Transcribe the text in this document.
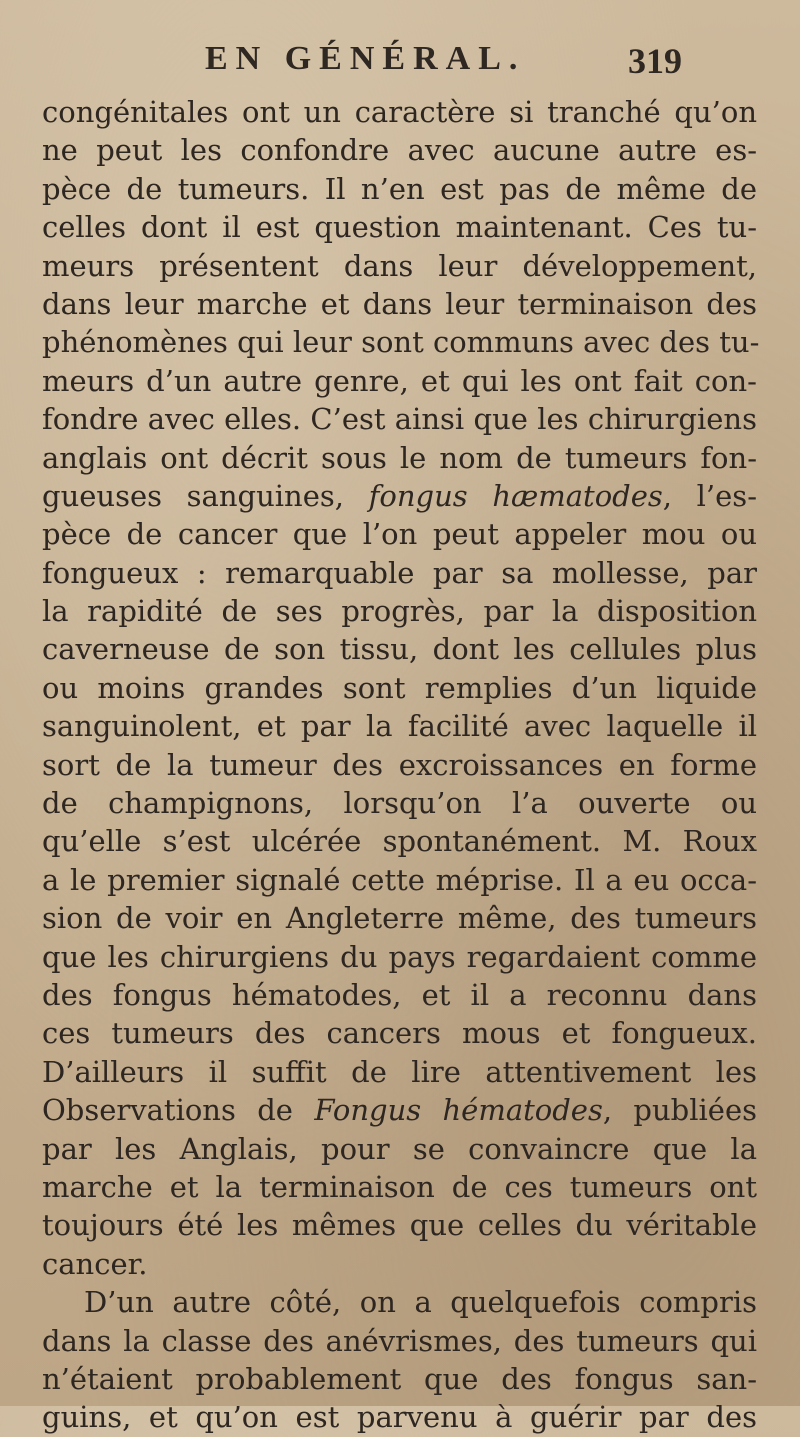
EN GÉNÉRAL.	319
congénitales ont un caractère si tranché qu’on
ne peut les confondre avec aucune autre es-
pèce de tumeurs. Il n’en est pas de même de
celles dont il est question maintenant. Ces tu-
meurs présentent dans leur développement,
dans leur marche et dans leur terminaison des
phénomènes qui leur sont communs avec des tu-
meurs d’un autre genre, et qui les ont fait con-
fondre avec elles. C’est ainsi que les chirurgiens
anglais ont décrit sous le nom de tumeurs fon-
gueuses sanguines, fongus hæmatodes, l’es-
pèce de cancer que l’on peut appeler mou ou
fongueux : remarquable par sa mollesse, par
la rapidité de ses progrès, par la disposition
caverneuse de son tissu, dont les cellules plus
ou moins grandes sont remplies d’un liquide
sanguinolent, et par la facilité avec laquelle il
sort de la tumeur des excroissances en forme
de champignons, lorsqu’on l’a ouverte ou
qu’elle s’est ulcérée spontanément. M. Roux
a le premier signalé cette méprise. Il a eu occa-
sion de voir en Angleterre même, des tumeurs
que les chirurgiens du pays regardaient comme
des fongus hématodes, et il a reconnu dans
ces tumeurs des cancers mous et fongueux.
D’ailleurs il suffit de lire attentivement les
Observations de Fongus hématodes, publiées
par les Anglais, pour se convaincre que la
marche et la terminaison de ces tumeurs ont
toujours été les mêmes que celles du véritable
cancer.
D’un autre côté, on a quelquefois compris
dans la classe des anévrismes, des tumeurs qui
n’étaient probablement que des fongus san-
guins, et qu’on est parvenu à guérir par des
